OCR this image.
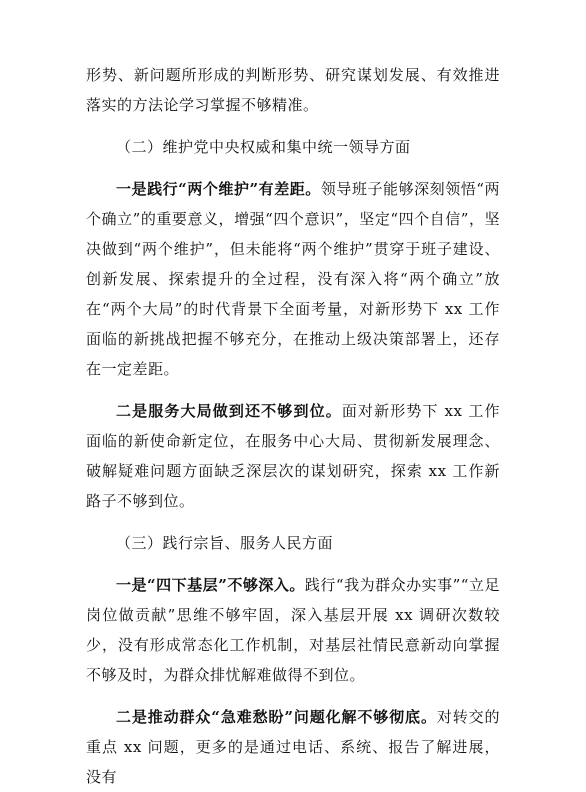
形势、新问题所形成的判断形势、研究谋划发展、有效推进落实的方法论学习掌握不够精准。

（二）维护党中央权威和集中统一领导方面

一是践行“两个维护”有差距。领导班子能够深刻领悟“两个确立”的重要意义，增强“四个意识”，坚定“四个自信”，坚决做到“两个维护”，但未能将“两个维护”贯穿于班子建设、创新发展、探索提升的全过程，没有深入将“两个确立”放在“两个大局”的时代背景下全面考量，对新形势下 xx 工作面临的新挑战把握不够充分，在推动上级决策部署上，还存在一定差距。

二是服务大局做到还不够到位。面对新形势下 xx 工作面临的新使命新定位，在服务中心大局、贯彻新发展理念、破解疑难问题方面缺乏深层次的谋划研究，探索 xx 工作新路子不够到位。

（三）践行宗旨、服务人民方面

一是“四下基层”不够深入。践行“我为群众办实事”“立足岗位做贡献”思维不够牢固，深入基层开展 xx 调研次数较少，没有形成常态化工作机制，对基层社情民意新动向掌握不够及时，为群众排忧解难做得不到位。

二是推动群众“急难愁盼”问题化解不够彻底。对转交的重点 xx 问题，更多的是通过电话、系统、报告了解进展，没有
